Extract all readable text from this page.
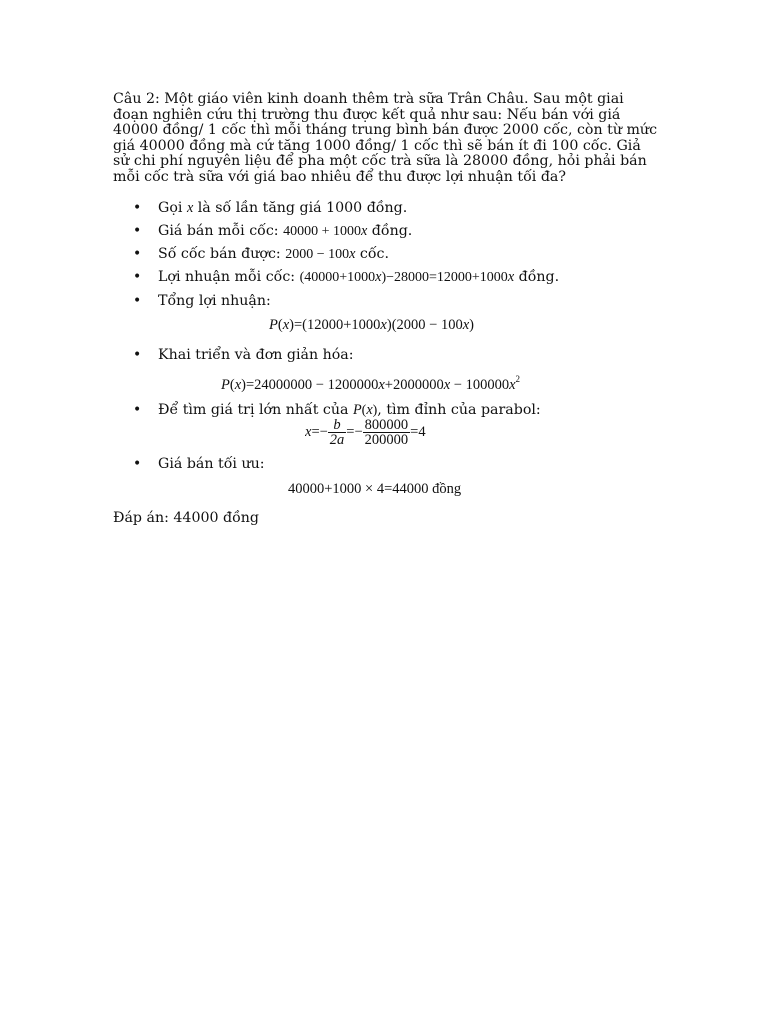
Câu 2: Một giáo viên kinh doanh thêm trà sữa Trân Châu. Sau một giai đoạn nghiên cứu thị trường thu được kết quả như sau: Nếu bán với giá 40000 đồng/ 1 cốc thì mỗi tháng trung bình bán được 2000 cốc, còn từ mức giá 40000 đồng mà cứ tăng 1000 đồng/ 1 cốc thì sẽ bán ít đi 100 cốc. Giả sử chi phí nguyên liệu để pha một cốc trà sữa là 28000 đồng, hỏi phải bán mỗi cốc trà sữa với giá bao nhiêu để thu được lợi nhuận tối đa?
• Gọi x là số lần tăng giá 1000 đồng.
• Giá bán mỗi cốc: 40000 + 1000x đồng.
• Số cốc bán được: 2000 − 100x cốc.
• Lợi nhuận mỗi cốc: (40000+1000x)−28000=12000+1000x đồng.
• Tổng lợi nhuận:
P(x)=(12000+1000x)(2000 − 100x)
• Khai triển và đơn giản hóa:
$P(x)=24000000 - 1200000x+2000000x - 100000x^2$
• Để tìm giá trị lớn nhất của P(x), tìm đỉnh của parabol:
$x=- \frac{b}{2a} =- \frac{800000}{200000} =4$
• Giá bán tối ưu:
40000+1000 × 4=44000 đồng
Đáp án: 44000 đồng
